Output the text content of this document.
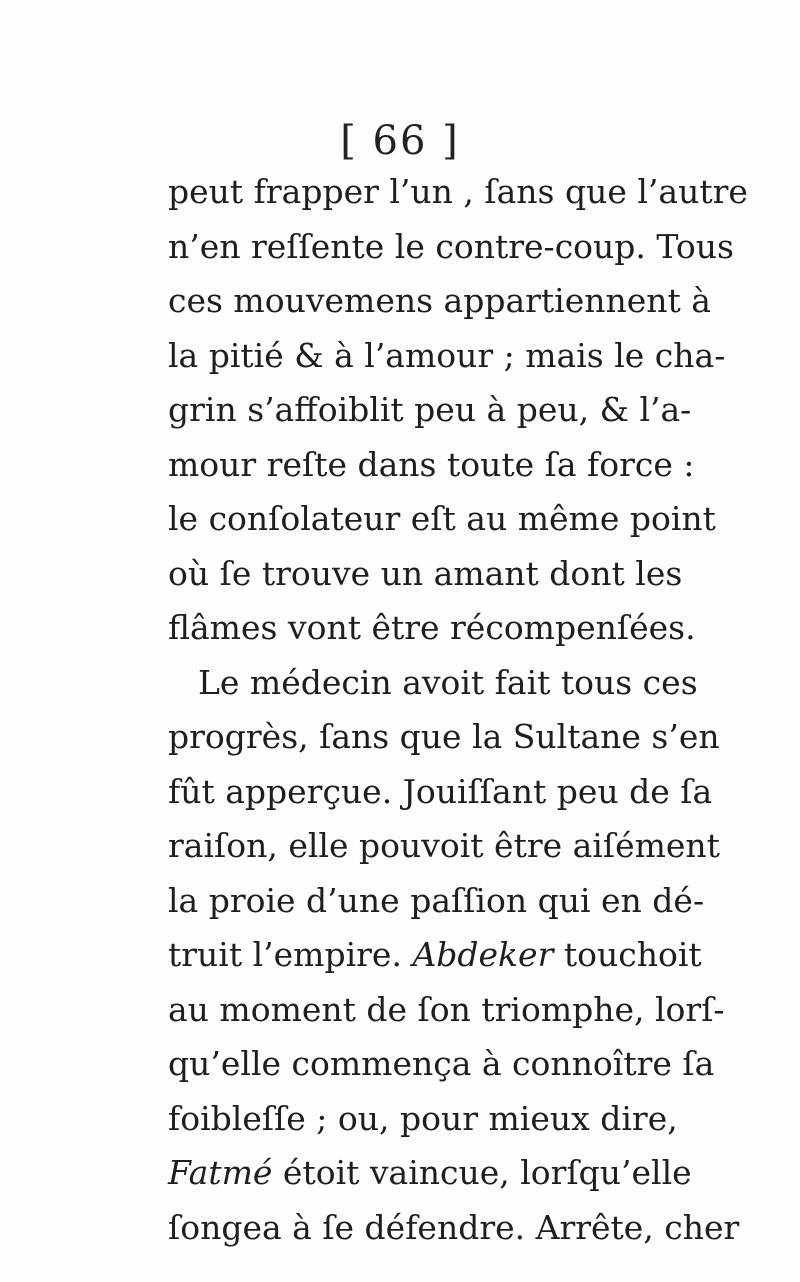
[ 66 ]
peut frapper l’un , ſans que l’autre
n’en reſſente le contre-coup. Tous
ces mouvemens appartiennent à
la pitié & à l’amour ; mais le cha-
grin s’affoiblit peu à peu, & l’a-
mour reſte dans toute ſa force :
le conſolateur eſt au même point
où ſe trouve un amant dont les
flâmes vont être récompenſées.
Le médecin avoit fait tous ces
progrès, ſans que la Sultane s’en
fût apperçue. Jouiſſant peu de ſa
raiſon, elle pouvoit être aiſément
la proie d’une paſſion qui en dé-
truit l’empire. Abdeker touchoit
au moment de ſon triomphe, lorſ-
qu’elle commença à connoître ſa
foibleſſe ; ou, pour mieux dire,
Fatmé étoit vaincue, lorſqu’elle
ſongea à ſe défendre. Arrête, cher
